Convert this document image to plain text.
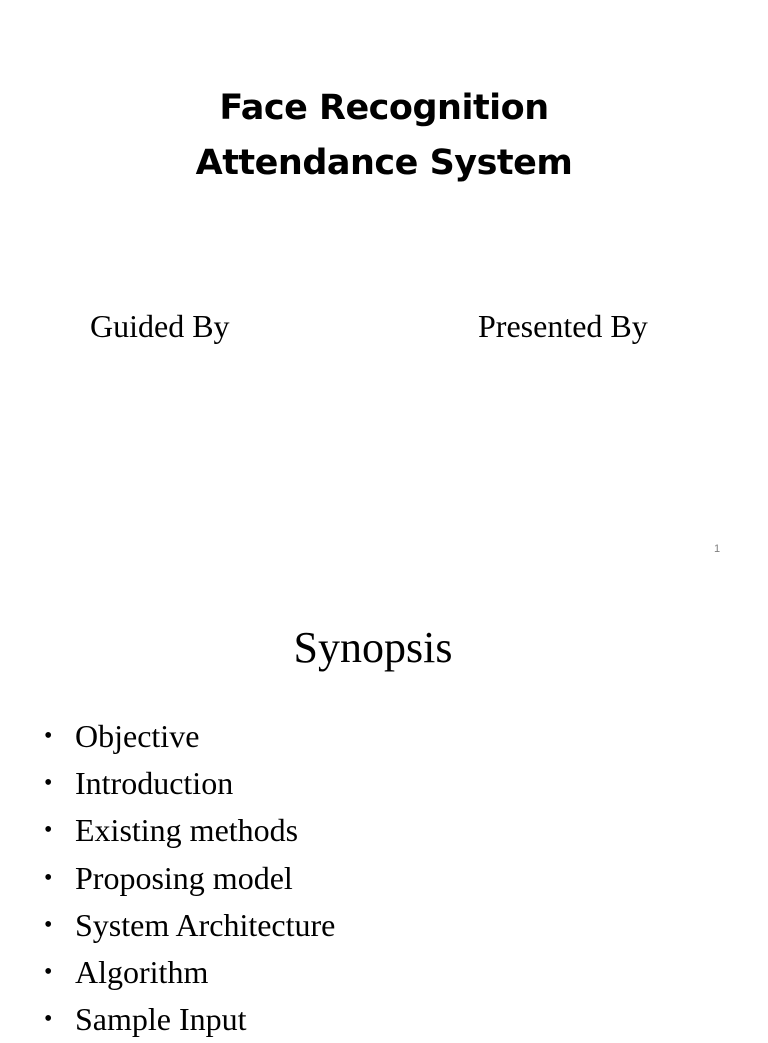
Face Recognition
Attendance System
Guided By	Presented By
1
Synopsis
• Objective
• Introduction
• Existing methods
• Proposing model
• System Architecture
• Algorithm
• Sample Input
